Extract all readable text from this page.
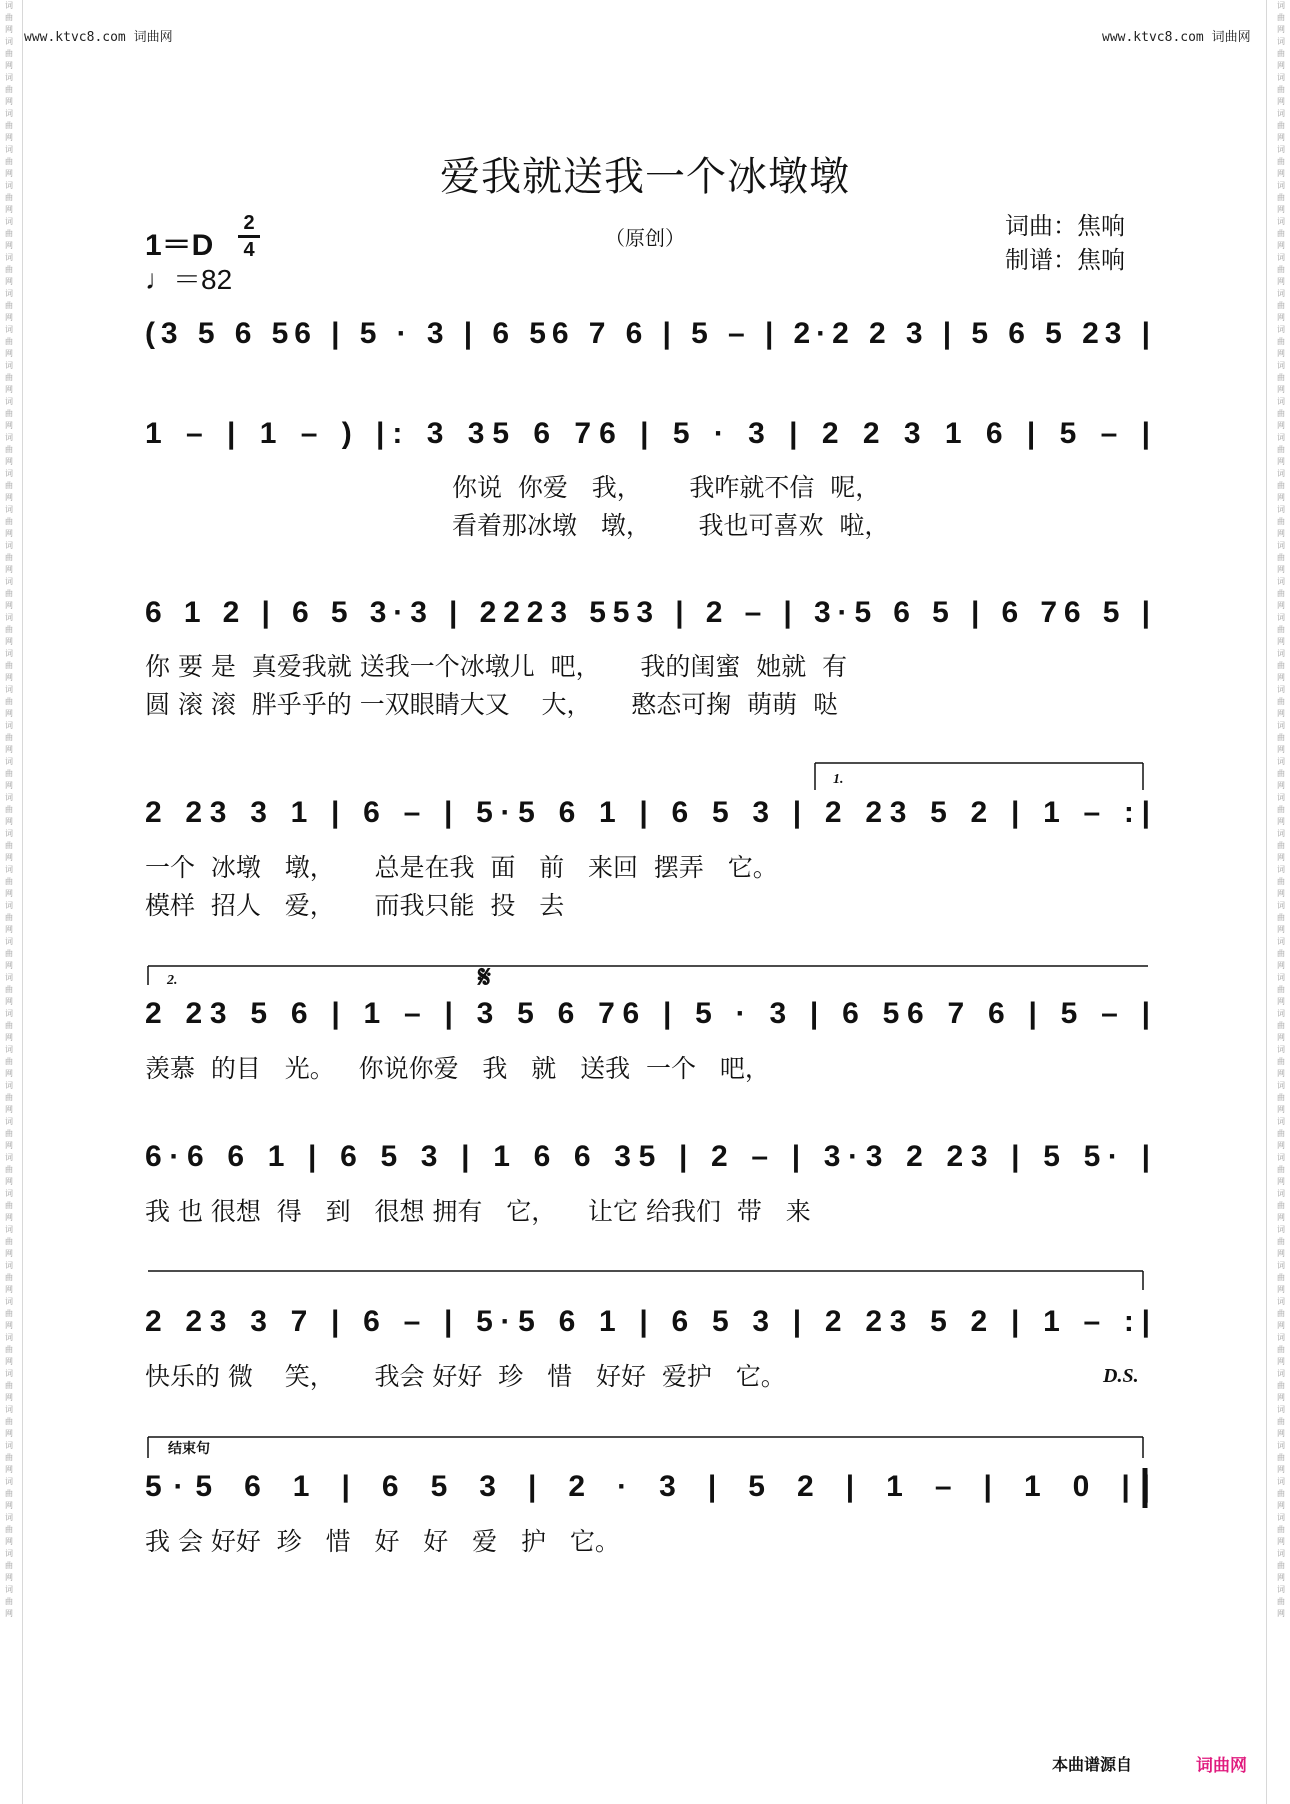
词曲网词曲网词曲网词曲网词曲网词曲网词曲网词曲网词曲网词曲网词曲网词曲网词曲网词曲网词曲网词曲网词曲网词曲网词曲网词曲网词曲网词曲网词曲网词曲网词曲网词曲网词曲网词曲网词曲网词曲网词曲网词曲网词曲网词曲网词曲网词曲网词曲网词曲网词曲网词曲网词曲网词曲网词曲网词曲网词曲网
词曲网词曲网词曲网词曲网词曲网词曲网词曲网词曲网词曲网词曲网词曲网词曲网词曲网词曲网词曲网词曲网词曲网词曲网词曲网词曲网词曲网词曲网词曲网词曲网词曲网词曲网词曲网词曲网词曲网词曲网词曲网词曲网词曲网词曲网词曲网词曲网词曲网词曲网词曲网词曲网词曲网词曲网词曲网词曲网词曲网
www.ktvc8.com 词曲网	www.ktvc8.com 词曲网
爱我就送我一个冰墩墩
（原创）
1＝D
2
4
♩＝82
词曲：焦响
制谱：焦响
(3 5 6 56 | 5 · 3 | 6 56 7 6 | 5 – | 2·2 2 3 | 5 6 5 23 |
1 – | 1 – ) |: 3 35 6 76 | 5 · 3 | 2 2 3 1 6 | 5 – |
6 1 2 | 6 5 3·3 | 2223 553 | 2 – | 3·5 6 5 | 6 76 5 |
2 23 3 1 | 6 – | 5·5 6 1 | 6 5 3 | 2 23 5 2 | 1 – :|
2 23 5 6 | 1 – | 3 5 6 76 | 5 · 3 | 6 56 7 6 | 5 – |
6·6 6 1 | 6 5 3 | 1 6 6 35 | 2 – | 3·3 2 23 | 5 5· |
2 23 3 7 | 6 – | 5·5 6 1 | 6 5 3 | 2 23 5 2 | 1 – :|
5·5 6 1 | 6 5 3 | 2 · 3 | 5 2 | 1 – | 1 0 ||
1.
2.	𝄋
D.S.
结束句
你说  你爱   我，      我咋就不信  呢，
看着那冰墩   墩，      我也可喜欢  啦，
你 要 是  真爱我就 送我一个冰墩儿  吧，     我的闺蜜  她就  有
圆 滚 滚  胖乎乎的 一双眼睛大又    大，     憨态可掬  萌萌  哒
一个  冰墩   墩，     总是在我  面   前   来回  摆弄   它。
模样  招人   爱，     而我只能  投   去
羡慕  的目   光。   你说你爱   我   就   送我  一个   吧，
我 也 很想  得   到   很想 拥有   它，    让它 给我们  带   来
快乐的 微    笑，     我会 好好  珍   惜   好好  爱护   它。
我 会 好好  珍   惜   好   好   爱   护   它。
本曲谱源自	词曲网
